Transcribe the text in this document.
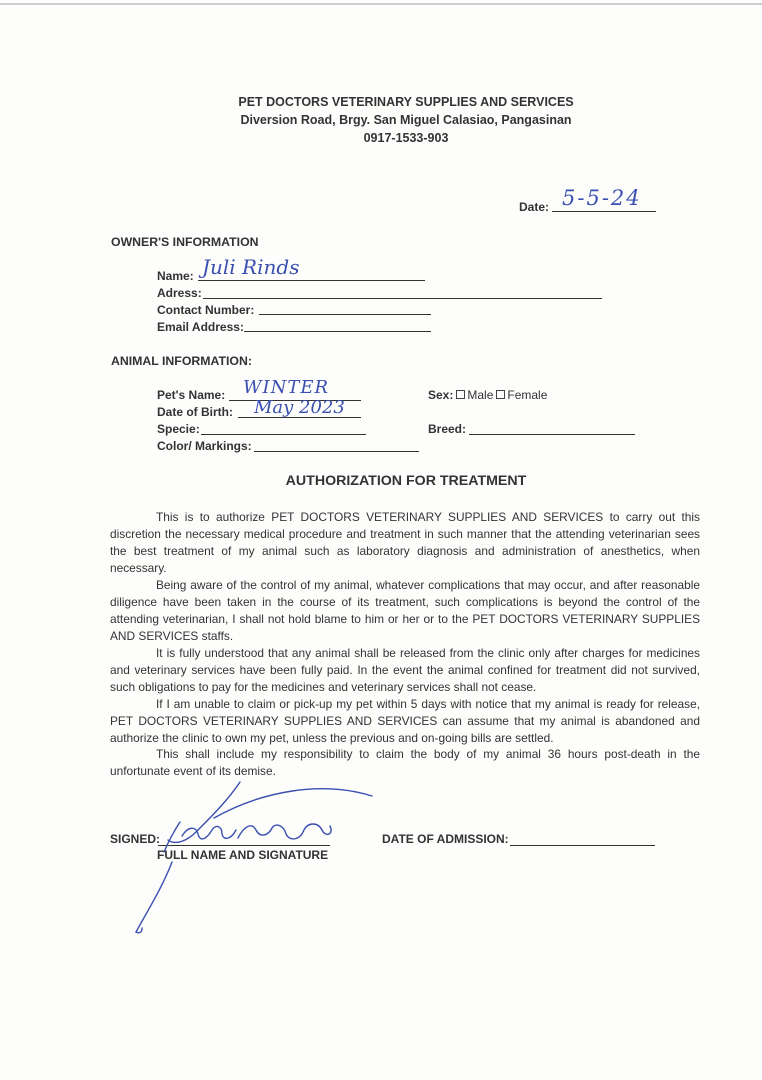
PET DOCTORS VETERINARY SUPPLIES AND SERVICES
Diversion Road, Brgy. San Miguel Calasiao, Pangasinan
0917-1533-903
Date: 5-5-24
OWNER'S INFORMATION
Name: Juli Rinds
Adress:
Contact Number:
Email Address:
ANIMAL INFORMATION:
Pet's Name: WINTER
Date of Birth: May 2023
Specie:
Color/ Markings:
Sex: Male Female
Breed:
AUTHORIZATION FOR TREATMENT

This is to authorize PET DOCTORS VETERINARY SUPPLIES AND SERVICES to carry out this discretion the necessary medical procedure and treatment in such manner that the attending veterinarian sees the best treatment of my animal such as laboratory diagnosis and administration of anesthetics, when necessary.

Being aware of the control of my animal, whatever complications that may occur, and after reasonable diligence have been taken in the course of its treatment, such complications is beyond the control of the attending veterinarian, I shall not hold blame to him or her or to the PET DOCTORS VETERINARY SUPPLIES AND SERVICES staffs.

It is fully understood that any animal shall be released from the clinic only after charges for medicines and veterinary services have been fully paid. In the event the animal confined for treatment did not survived, such obligations to pay for the medicines and veterinary services shall not cease.

If I am unable to claim or pick-up my pet within 5 days with notice that my animal is ready for release, PET DOCTORS VETERINARY SUPPLIES AND SERVICES can assume that my animal is abandoned and authorize the clinic to own my pet, unless the previous and on-going bills are settled.

This shall include my responsibility to claim the body of my animal 36 hours post-death in the unfortunate event of its demise.

SIGNED:
FULL NAME AND SIGNATURE
DATE OF ADMISSION:
